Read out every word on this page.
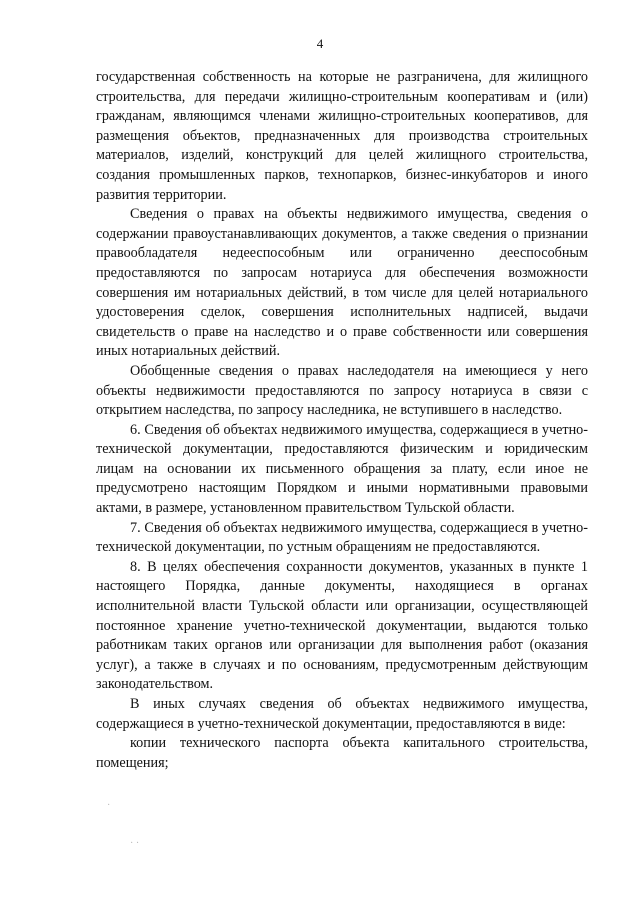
4

государственная собственность на которые не разграничена, для жилищного строительства, для передачи жилищно-строительным кооперативам и (или) гражданам, являющимся членами жилищно-строительных кооперативов, для размещения объектов, предназначенных для производства строительных материалов, изделий, конструкций для целей жилищного строительства, создания промышленных парков, технопарков, бизнес-инкубаторов и иного развития территории.

Сведения о правах на объекты недвижимого имущества, сведения о содержании правоустанавливающих документов, а также сведения о признании правообладателя недееспособным или ограниченно дееспособным предоставляются по запросам нотариуса для обеспечения возможности совершения им нотариальных действий, в том числе для целей нотариального удостоверения сделок, совершения исполнительных надписей, выдачи свидетельств о праве на наследство и о праве собственности или совершения иных нотариальных действий.

Обобщенные сведения о правах наследодателя на имеющиеся у него объекты недвижимости предоставляются по запросу нотариуса в связи с открытием наследства, по запросу наследника, не вступившего в наследство.

6. Сведения об объектах недвижимого имущества, содержащиеся в учетно-технической документации, предоставляются физическим и юридическим лицам на основании их письменного обращения за плату, если иное не предусмотрено настоящим Порядком и иными нормативными правовыми актами, в размере, установленном правительством Тульской области.

7. Сведения об объектах недвижимого имущества, содержащиеся в учетно-технической документации, по устным обращениям не предоставляются.

8. В целях обеспечения сохранности документов, указанных в пункте 1 настоящего Порядка, данные документы, находящиеся в органах исполнительной власти Тульской области или организации, осуществляющей постоянное хранение учетно-технической документации, выдаются только работникам таких органов или организации для выполнения работ (оказания услуг), а также в случаях и по основаниям, предусмотренным действующим законодательством.

В иных случаях сведения об объектах недвижимого имущества, содержащиеся в учетно-технической документации, предоставляются в виде:

копии технического паспорта объекта капитального строительства, помещения;

·
· ·
